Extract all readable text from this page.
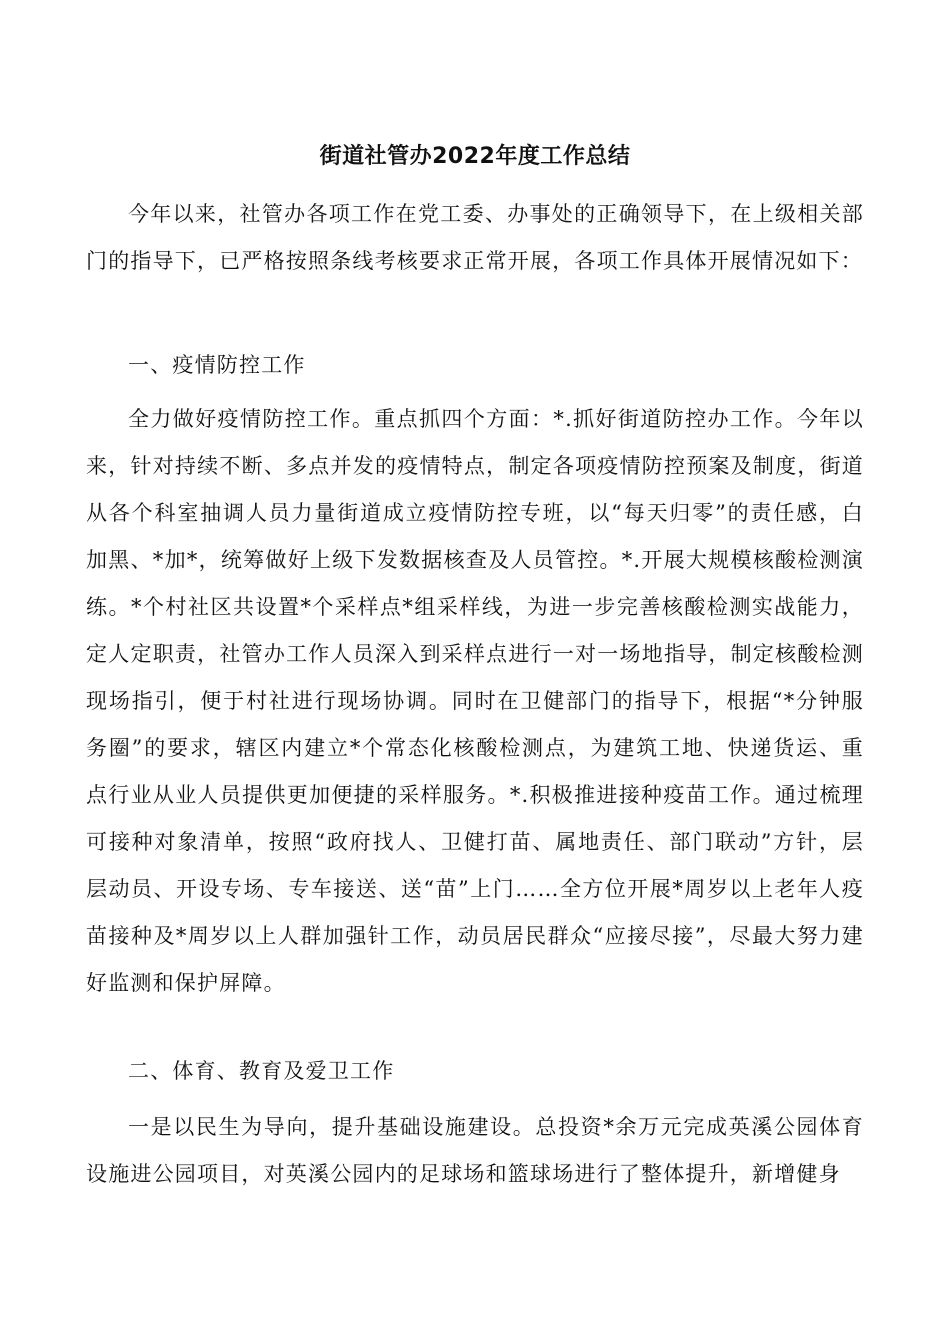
街道社管办2022年度工作总结
今年以来，社管办各项工作在党工委、办事处的正确领导下，在上级相关部门的指导下，已严格按照条线考核要求正常开展，各项工作具体开展情况如下：
一、疫情防控工作
全力做好疫情防控工作。重点抓四个方面：*.抓好街道防控办工作。今年以来，针对持续不断、多点并发的疫情特点，制定各项疫情防控预案及制度，街道从各个科室抽调人员力量街道成立疫情防控专班，以“每天归零”的责任感，白加黑、*加*，统筹做好上级下发数据核查及人员管控。*.开展大规模核酸检测演练。*个村社区共设置*个采样点*组采样线，为进一步完善核酸检测实战能力，定人定职责，社管办工作人员深入到采样点进行一对一场地指导，制定核酸检测现场指引，便于村社进行现场协调。同时在卫健部门的指导下，根据“*分钟服务圈”的要求，辖区内建立*个常态化核酸检测点，为建筑工地、快递货运、重点行业从业人员提供更加便捷的采样服务。*.积极推进接种疫苗工作。通过梳理可接种对象清单，按照“政府找人、卫健打苗、属地责任、部门联动”方针，层层动员、开设专场、专车接送、送“苗”上门……全方位开展*周岁以上老年人疫苗接种及*周岁以上人群加强针工作，动员居民群众“应接尽接”，尽最大努力建好监测和保护屏障。
二、体育、教育及爱卫工作
一是以民生为导向，提升基础设施建设。总投资*余万元完成英溪公园体育设施进公园项目，对英溪公园内的足球场和篮球场进行了整体提升，新增健身
